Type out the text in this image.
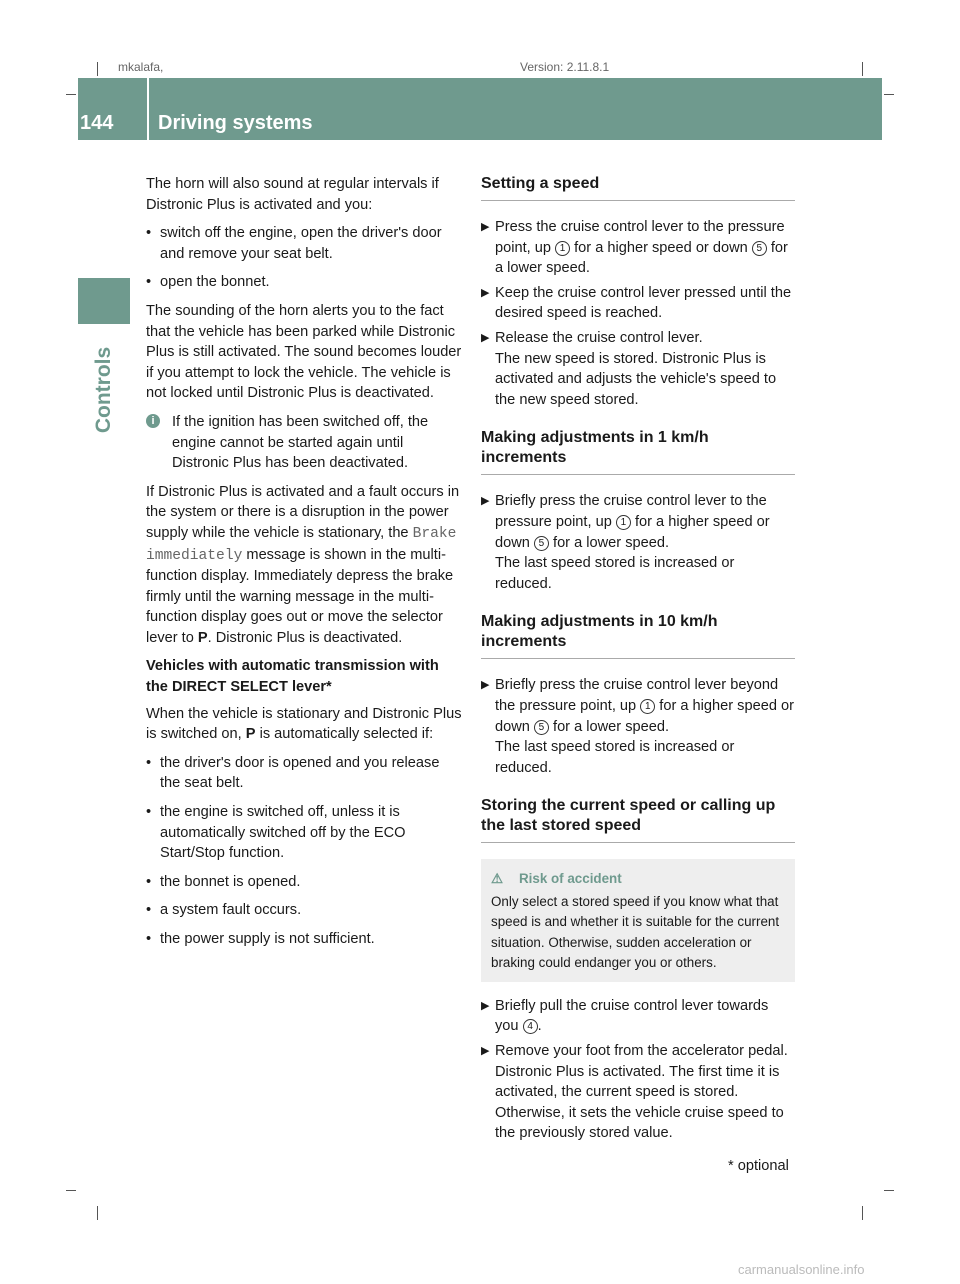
mkalafa,	Version: 2.11.8.1
144 Driving systems
Controls

The horn will also sound at regular intervals if Distronic Plus is activated and you:

• switch off the engine, open the driver's door and remove your seat belt.
• open the bonnet.

The sounding of the horn alerts you to the fact that the vehicle has been parked while Distronic Plus is still activated. The sound becomes louder if you attempt to lock the vehicle. The vehicle is not locked until Distronic Plus is deactivated.

i	If the ignition has been switched off, the engine cannot be started again until Distronic Plus has been deactivated.

If Distronic Plus is activated and a fault occurs in the system or there is a disruption in the power supply while the vehicle is stationary, the Brake immediately message is shown in the multi-function display. Immediately depress the brake firmly until the warning message in the multi-function display goes out or move the selector lever to P. Distronic Plus is deactivated.

Vehicles with automatic transmission with the DIRECT SELECT lever*

When the vehicle is stationary and Distronic Plus is switched on, P is automatically selected if:

• the driver's door is opened and you release the seat belt.
• the engine is switched off, unless it is automatically switched off by the ECO Start/Stop function.
• the bonnet is opened.
• a system fault occurs.
• the power supply is not sufficient.
Setting a speed
▶ Press the cruise control lever to the pressure point, up 1 for a higher speed or down 5 for a lower speed.
▶ Keep the cruise control lever pressed until the desired speed is reached.
▶ Release the cruise control lever.
The new speed is stored. Distronic Plus is activated and adjusts the vehicle's speed to the new speed stored.
Making adjustments in 1 km/h increments
▶ Briefly press the cruise control lever to the pressure point, up 1 for a higher speed or down 5 for a lower speed.
The last speed stored is increased or reduced.
Making adjustments in 10 km/h increments
▶ Briefly press the cruise control lever beyond the pressure point, up 1 for a higher speed or down 5 for a lower speed.
The last speed stored is increased or reduced.
Storing the current speed or calling up the last stored speed
⚠ Risk of accident
Only select a stored speed if you know what that speed is and whether it is suitable for the current situation. Otherwise, sudden acceleration or braking could endanger you or others.
▶ Briefly pull the cruise control lever towards you 4 .
▶ Remove your foot from the accelerator pedal.
Distronic Plus is activated. The first time it is activated, the current speed is stored. Otherwise, it sets the vehicle cruise speed to the previously stored value.
* optional
carmanualsonline.info
